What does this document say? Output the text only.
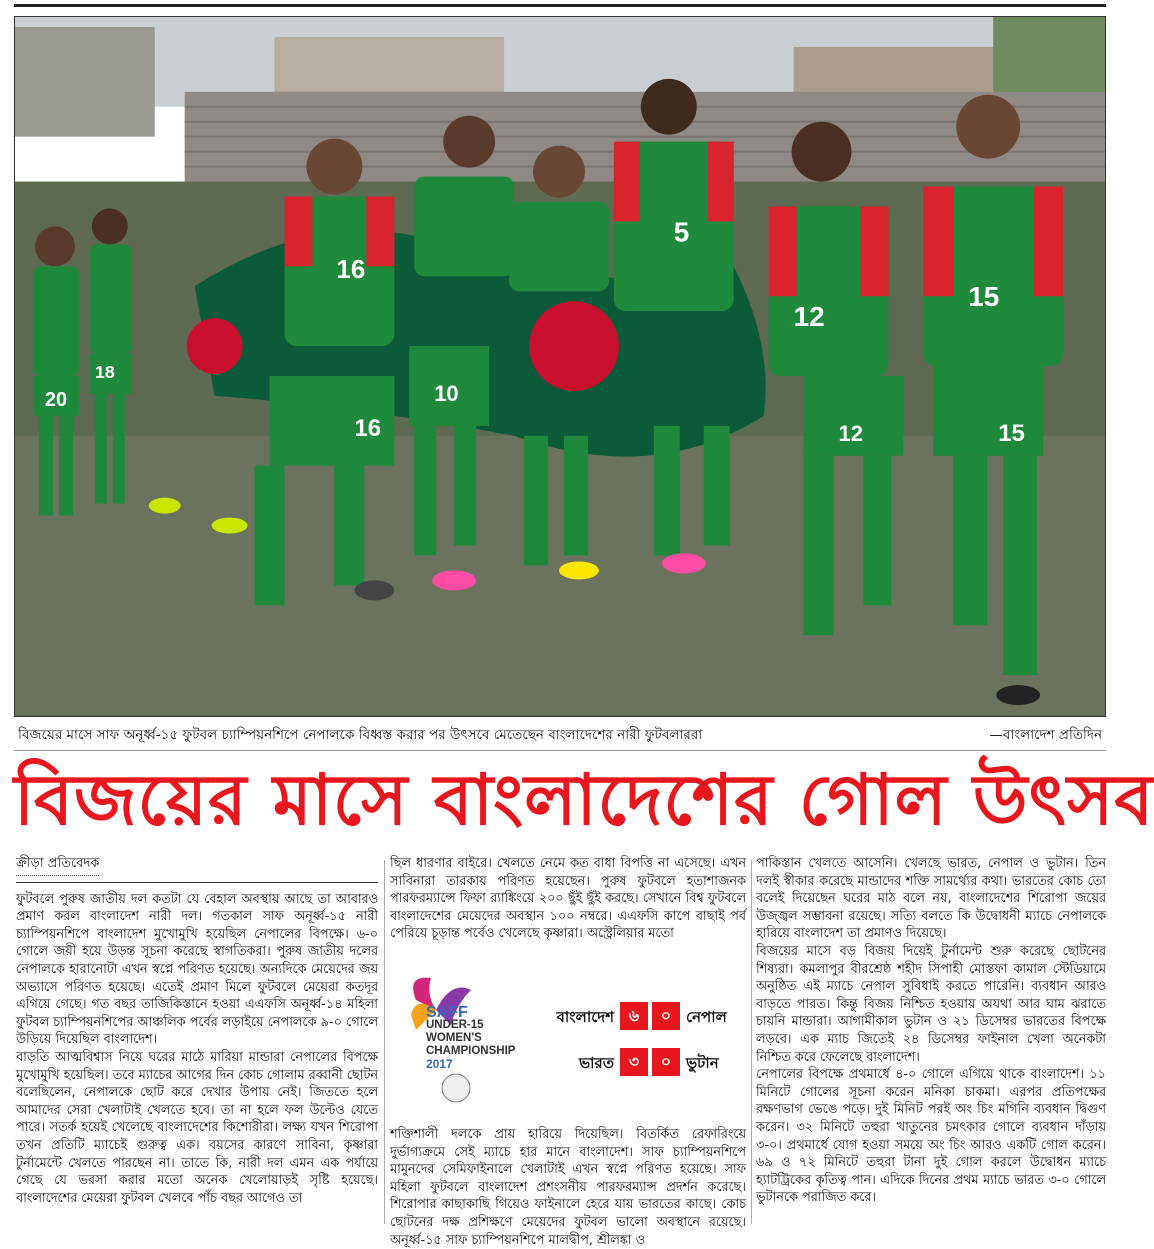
20
18
16
16
10
5
12
12
15
15
বিজয়ের মাসে সাফ অনূর্ধ্ব-১৫ ফুটবল চ্যাম্পিয়নশিপে নেপালকে বিধ্বস্ত করার পর উৎসবে মেতেছেন বাংলাদেশের নারী ফুটবলাররা	—বাংলাদেশ প্রতিদিন
বিজয়ের মাসে বাংলাদেশের গোল উৎসব
ক্রীড়া প্রতিবেদক

ফুটবলে পুরুষ জাতীয় দল কতটা যে বেহাল অবস্থায় আছে তা আবারও প্রমাণ করল বাংলাদেশ নারী দল। গতকাল সাফ অনূর্ধ্ব-১৫ নারী চ্যাম্পিয়নশিপে বাংলাদেশ মুখোমুখি হয়েছিল নেপালের বিপক্ষে। ৬-০ গোলে জয়ী হয়ে উড়ন্ত সূচনা করেছে স্বাগতিকরা। পুরুষ জাতীয় দলের নেপালকে হারানোটা এখন স্বপ্নে পরিণত হয়েছে। অন্যদিকে মেয়েদের জয় অভ্যাসে পরিণত হয়েছে। এতেই প্রমাণ মিলে ফুটবলে মেয়েরা কতদূর এগিয়ে গেছে। গত বছর তাজিকিস্তানে হওয়া এএফসি অনূর্ধ্ব-১৪ মহিলা ফুটবল চ্যাম্পিয়নশিপের আঞ্চলিক পর্বের লড়াইয়ে নেপালকে ৯-০ গোলে উড়িয়ে দিয়েছিল বাংলাদেশ।

বাড়তি আত্মবিশ্বাস নিয়ে ঘরের মাঠে মারিয়া মান্ডারা নেপালের বিপক্ষে মুখোমুখি হয়েছিল। তবে ম্যাচের আগের দিন কোচ গোলাম রব্বানী ছোটন বলেছিলেন, নেপালকে ছোট করে দেখার উপায় নেই। জিততে হলে আমাদের সেরা খেলাটাই খেলতে হবে। তা না হলে ফল উল্টেও যেতে পারে। সতর্ক হয়েই খেলেছে বাংলাদেশের কিশোরীরা। লক্ষ্য যখন শিরোপা তখন প্রতিটি ম্যাচেই গুরুত্ব এক। বয়সের কারণে সাবিনা, কৃষ্ণারা টুর্নামেন্টে খেলতে পারছেন না। তাতে কি, নারী দল এমন এক পর্যায়ে গেছে যে ভরসা করার মতো অনেক খেলোয়াড়ই সৃষ্টি হয়েছে। বাংলাদেশের মেয়েরা ফুটবল খেলবে পাঁচ বছর আগেও তা

ছিল ধারণার বাইরে। খেলতে নেমে কত বাধা বিপত্তি না এসেছে। এখন সাবিনারা তারকায় পরিণত হয়েছেন। পুরুষ ফুটবলে হতাশাজনক পারফরম্যান্সে ফিফা র‍্যাঙ্কিংয়ে ২০০ ছুঁই ছুঁই করছে। সেখানে বিশ্ব ফুটবলে বাংলাদেশের মেয়েদের অবস্থান ১০০ নম্বরে। এএফসি কাপে বাছাই পর্ব পেরিয়ে চূড়ান্ত পর্বেও খেলেছে কৃষ্ণারা। অস্ট্রেলিয়ার মতো

SAFF
UNDER-15
WOMEN'S
CHAMPIONSHIP
2017
বাংলাদেশ ৬	০ নেপাল
ভারত ৩	০ ভুটান

শক্তিশালী দলকে প্রায় হারিয়ে দিয়েছিল। বিতর্কিত রেফারিংয়ে দুর্ভাগ্যক্রমে সেই ম্যাচে হার মানে বাংলাদেশ। সাফ চ্যাম্পিয়নশিপে মামুনদের সেমিফাইনালে খেলাটাই এখন স্বপ্নে পরিণত হয়েছে। সাফ মহিলা ফুটবলে বাংলাদেশ প্রশংসনীয় পারফরম্যান্স প্রদর্শন করেছে। শিরোপার কাছাকাছি গিয়েও ফাইনালে হেরে যায় ভারতের কাছে। কোচ ছোটনের দক্ষ প্রশিক্ষণে মেয়েদের ফুটবল ভালো অবস্থানে রয়েছে। অনূর্ধ্ব-১৫ সাফ চ্যাম্পিয়নশিপে মালদ্বীপ, শ্রীলঙ্কা ও

পাকিস্তান খেলতে আসেনি। খেলছে ভারত, নেপাল ও ভুটান। তিন দলই স্বীকার করেছে মান্ডাদের শক্তি সামর্থ্যের কথা। ভারতের কোচ তো বলেই দিয়েছেন ঘরের মাঠ বলে নয়, বাংলাদেশের শিরোপা জয়ের উজ্জ্বল সম্ভাবনা রয়েছে। সত্যি বলতে কি উদ্বোধনী ম্যাচে নেপালকে হারিয়ে বাংলাদেশ তা প্রমাণও দিয়েছে।

বিজয়ের মাসে বড় বিজয় দিয়েই টুর্নামেন্ট শুরু করেছে ছোটনের শিষ্যরা। কমলাপুর বীরশ্রেষ্ঠ শহীদ সিপাহী মোস্তফা কামাল স্টেডিয়ামে অনুষ্ঠিত এই ম্যাচে নেপাল সুবিধাই করতে পারেনি। ব্যবধান আরও বাড়তে পারত। কিন্তু বিজয় নিশ্চিত হওয়ায় অযথা আর ঘাম ঝরাতে চায়নি মান্ডারা। আগামীকাল ভুটান ও ২১ ডিসেম্বর ভারতের বিপক্ষে লড়বে। এক ম্যাচ জিতেই ২৪ ডিসেম্বর ফাইনাল খেলা অনেকটা নিশ্চিত করে ফেলেছে বাংলাদেশ।

নেপালের বিপক্ষে প্রথমার্ধে ৪-০ গোলে এগিয়ে থাকে বাংলাদেশ। ১১ মিনিটে গোলের সূচনা করেন মনিকা চাকমা। এরপর প্রতিপক্ষের রক্ষণভাগ ভেঙে পড়ে। দুই মিনিট পরই অং চিং মগিনি ব্যবধান দ্বিগুণ করেন। ৩২ মিনিটে তহুরা খাতুনের চমৎকার গোলে ব্যবধান দাঁড়ায় ৩-০। প্রথমার্ধে যোগ হওয়া সময়ে অং চিং আরও একটি গোল করেন। ৬৯ ও ৭২ মিনিটে তহুরা টানা দুই গোল করলে উদ্বোধন ম্যাচে হ্যাটট্রিকের কৃতিত্ব পান। এদিকে দিনের প্রথম ম্যাচে ভারত ৩-০ গোলে ভুটানকে পরাজিত করে।
